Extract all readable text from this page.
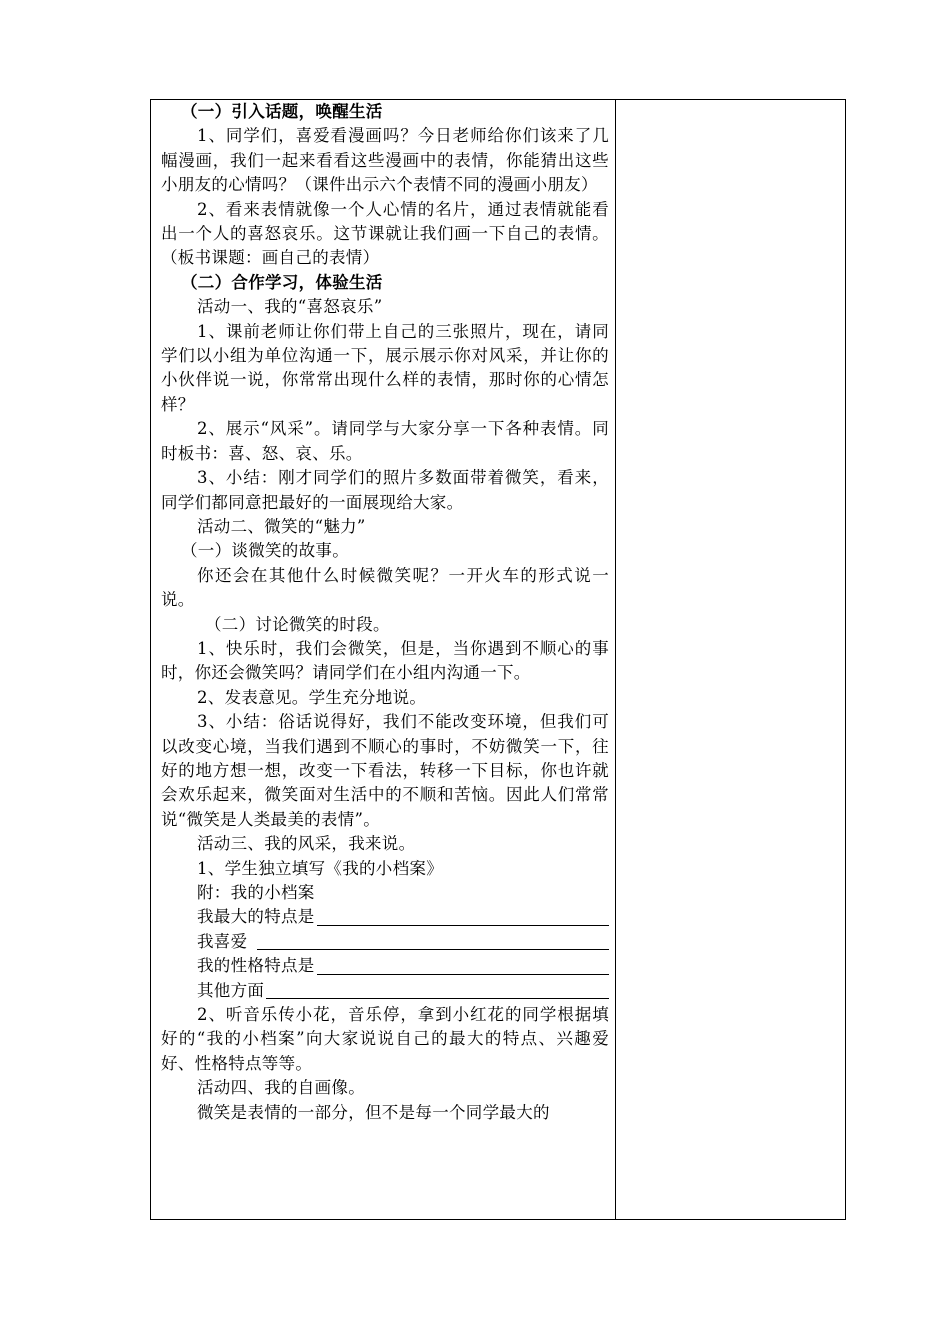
（一）引入话题，唤醒生活

1、同学们，喜爱看漫画吗？今日老师给你们该来了几幅漫画，我们一起来看看这些漫画中的表情，你能猜出这些小朋友的心情吗？（课件出示六个表情不同的漫画小朋友）

2、看来表情就像一个人心情的名片，通过表情就能看出一个人的喜怒哀乐。这节课就让我们画一下自己的表情。（板书课题：画自己的表情）

（二）合作学习，体验生活

活动一、我的“喜怒哀乐”

1、课前老师让你们带上自己的三张照片，现在，请同学们以小组为单位沟通一下，展示展示你对风采，并让你的小伙伴说一说，你常常出现什么样的表情，那时你的心情怎样？

2、展示“风采”。请同学与大家分享一下各种表情。同时板书：喜、怒、哀、乐。

3、小结：刚才同学们的照片多数面带着微笑，看来，同学们都同意把最好的一面展现给大家。

活动二、微笑的“魅力”

（一）谈微笑的故事。

你还会在其他什么时候微笑呢？一开火车的形式说一说。

（二）讨论微笑的时段。

1、快乐时，我们会微笑，但是，当你遇到不顺心的事时，你还会微笑吗？请同学们在小组内沟通一下。

2、发表意见。学生充分地说。

3、小结：俗话说得好，我们不能改变环境，但我们可以改变心境，当我们遇到不顺心的事时，不妨微笑一下，往好的地方想一想，改变一下看法，转移一下目标，你也许就会欢乐起来，微笑面对生活中的不顺和苦恼。因此人们常常说“微笑是人类最美的表情”。

活动三、我的风采，我来说。

1、学生独立填写《我的小档案》

附：我的小档案

我最大的特点是
我喜爱
我的性格特点是
其他方面

2、听音乐传小花，音乐停，拿到小红花的同学根据填好的“我的小档案”向大家说说自己的最大的特点、兴趣爱好、性格特点等等。

活动四、我的自画像。

微笑是表情的一部分，但不是每一个同学最大的
